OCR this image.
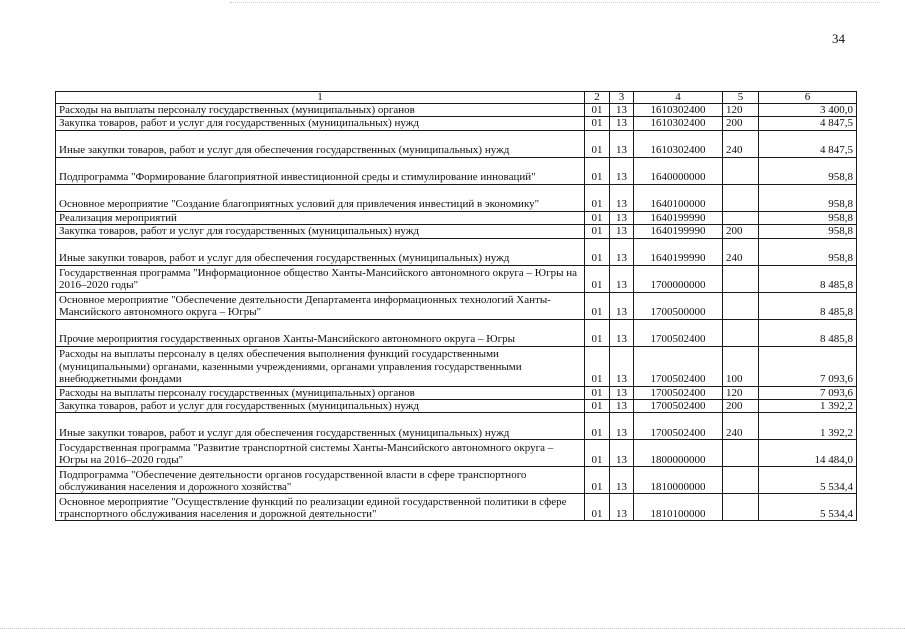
34
1	2	3	4	5	6
Расходы на выплаты персоналу государственных (муниципальных) органов	01	13	1610302400	120	3 400,0
Закупка товаров, работ и услуг для государственных (муниципальных) нужд	01	13	1610302400	200	4 847,5
Иные закупки товаров, работ и услуг для обеспечения государственных (муниципальных) нужд	01	13	1610302400	240	4 847,5
Подпрограмма "Формирование благоприятной инвестиционной среды и стимулирование инноваций"	01	13	1640000000		958,8
Основное мероприятие "Создание благоприятных условий для привлечения инвестиций в экономику"	01	13	1640100000		958,8
Реализация мероприятий	01	13	1640199990		958,8
Закупка товаров, работ и услуг для государственных (муниципальных) нужд	01	13	1640199990	200	958,8
Иные закупки товаров, работ и услуг для обеспечения государственных (муниципальных) нужд	01	13	1640199990	240	958,8
Государственная программа "Информационное общество Ханты-Мансийского автономного округа – Югры на 2016–2020 годы"	01	13	1700000000		8 485,8
Основное мероприятие "Обеспечение деятельности Департамента информационных технологий Ханты-Мансийского автономного округа – Югры"	01	13	1700500000		8 485,8
Прочие мероприятия государственных органов Ханты-Мансийского автономного округа – Югры	01	13	1700502400		8 485,8
Расходы на выплаты персоналу в целях обеспечения выполнения функций государственными (муниципальными) органами, казенными учреждениями, органами управления государственными внебюджетными фондами	01	13	1700502400	100	7 093,6
Расходы на выплаты персоналу государственных (муниципальных) органов	01	13	1700502400	120	7 093,6
Закупка товаров, работ и услуг для государственных (муниципальных) нужд	01	13	1700502400	200	1 392,2
Иные закупки товаров, работ и услуг для обеспечения государственных (муниципальных) нужд	01	13	1700502400	240	1 392,2
Государственная программа "Развитие транспортной системы Ханты-Мансийского автономного округа – Югры на 2016–2020 годы"	01	13	1800000000		14 484,0
Подпрограмма "Обеспечение деятельности органов государственной власти в сфере транспортного обслуживания населения и дорожного хозяйства"	01	13	1810000000		5 534,4
Основное мероприятие "Осуществление функций по реализации единой государственной политики в сфере транспортного обслуживания населения и дорожной деятельности"	01	13	1810100000		5 534,4
